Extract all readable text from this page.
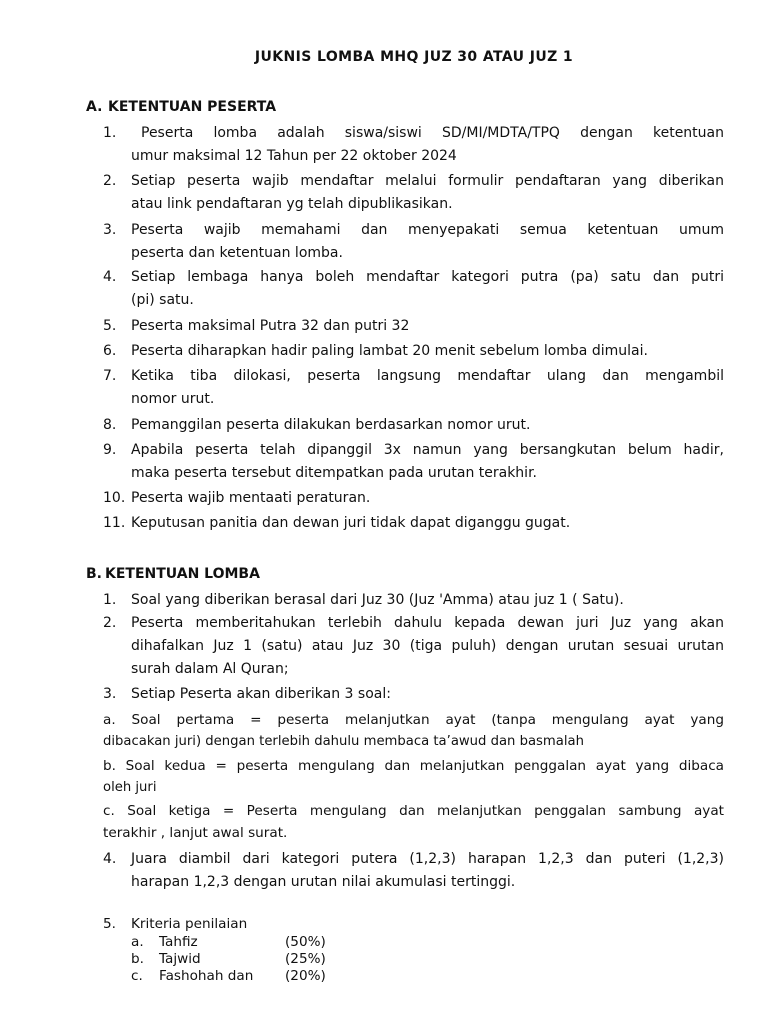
JUKNIS LOMBA MHQ JUZ 30 ATAU JUZ 1
A. KETENTUAN PESERTA
1.	Peserta lomba adalah siswa/siswi SD/MI/MDTA/TPQ dengan ketentuan
umur maksimal 12 Tahun per 22 oktober 2024
2. Setiap peserta wajib mendaftar melalui formulir pendaftaran yang diberikan
atau link pendaftaran yg telah dipublikasikan.
3. Peserta wajib memahami dan menyepakati semua ketentuan umum
peserta dan ketentuan lomba.
4. Setiap lembaga hanya boleh mendaftar kategori putra (pa) satu dan putri
(pi) satu.
5. Peserta maksimal Putra 32 dan putri 32
6. Peserta diharapkan hadir paling lambat 20 menit sebelum lomba dimulai.
7. Ketika tiba dilokasi, peserta langsung mendaftar ulang dan mengambil
nomor urut.
8. Pemanggilan peserta dilakukan berdasarkan nomor urut.
9. Apabila peserta telah dipanggil 3x namun yang bersangkutan belum hadir,
maka peserta tersebut ditempatkan pada urutan terakhir.
10. Peserta wajib mentaati peraturan.
11. Keputusan panitia dan dewan juri tidak dapat diganggu gugat.
B. KETENTUAN LOMBA
1. Soal yang diberikan berasal dari Juz 30 (Juz 'Amma) atau juz 1 ( Satu).
2. Peserta memberitahukan terlebih dahulu kepada dewan juri Juz yang akan
dihafalkan Juz 1 (satu) atau Juz 30 (tiga puluh) dengan urutan sesuai urutan
surah dalam Al Quran;
3. Setiap Peserta akan diberikan 3 soal:
a. Soal pertama = peserta melanjutkan ayat (tanpa mengulang ayat yang
dibacakan juri) dengan terlebih dahulu membaca ta’awud dan basmalah
b. Soal kedua = peserta mengulang dan melanjutkan penggalan ayat yang dibaca
oleh juri
c. Soal ketiga = Peserta mengulang dan melanjutkan penggalan sambung ayat
terakhir , lanjut awal surat.
4. Juara diambil dari kategori putera (1,2,3) harapan 1,2,3 dan puteri (1,2,3)
harapan 1,2,3 dengan urutan nilai akumulasi tertinggi.
5. Kriteria penilaian
a. Tahfiz	(50%)
b. Tajwid	(25%)
c. Fashohah dan (20%)
